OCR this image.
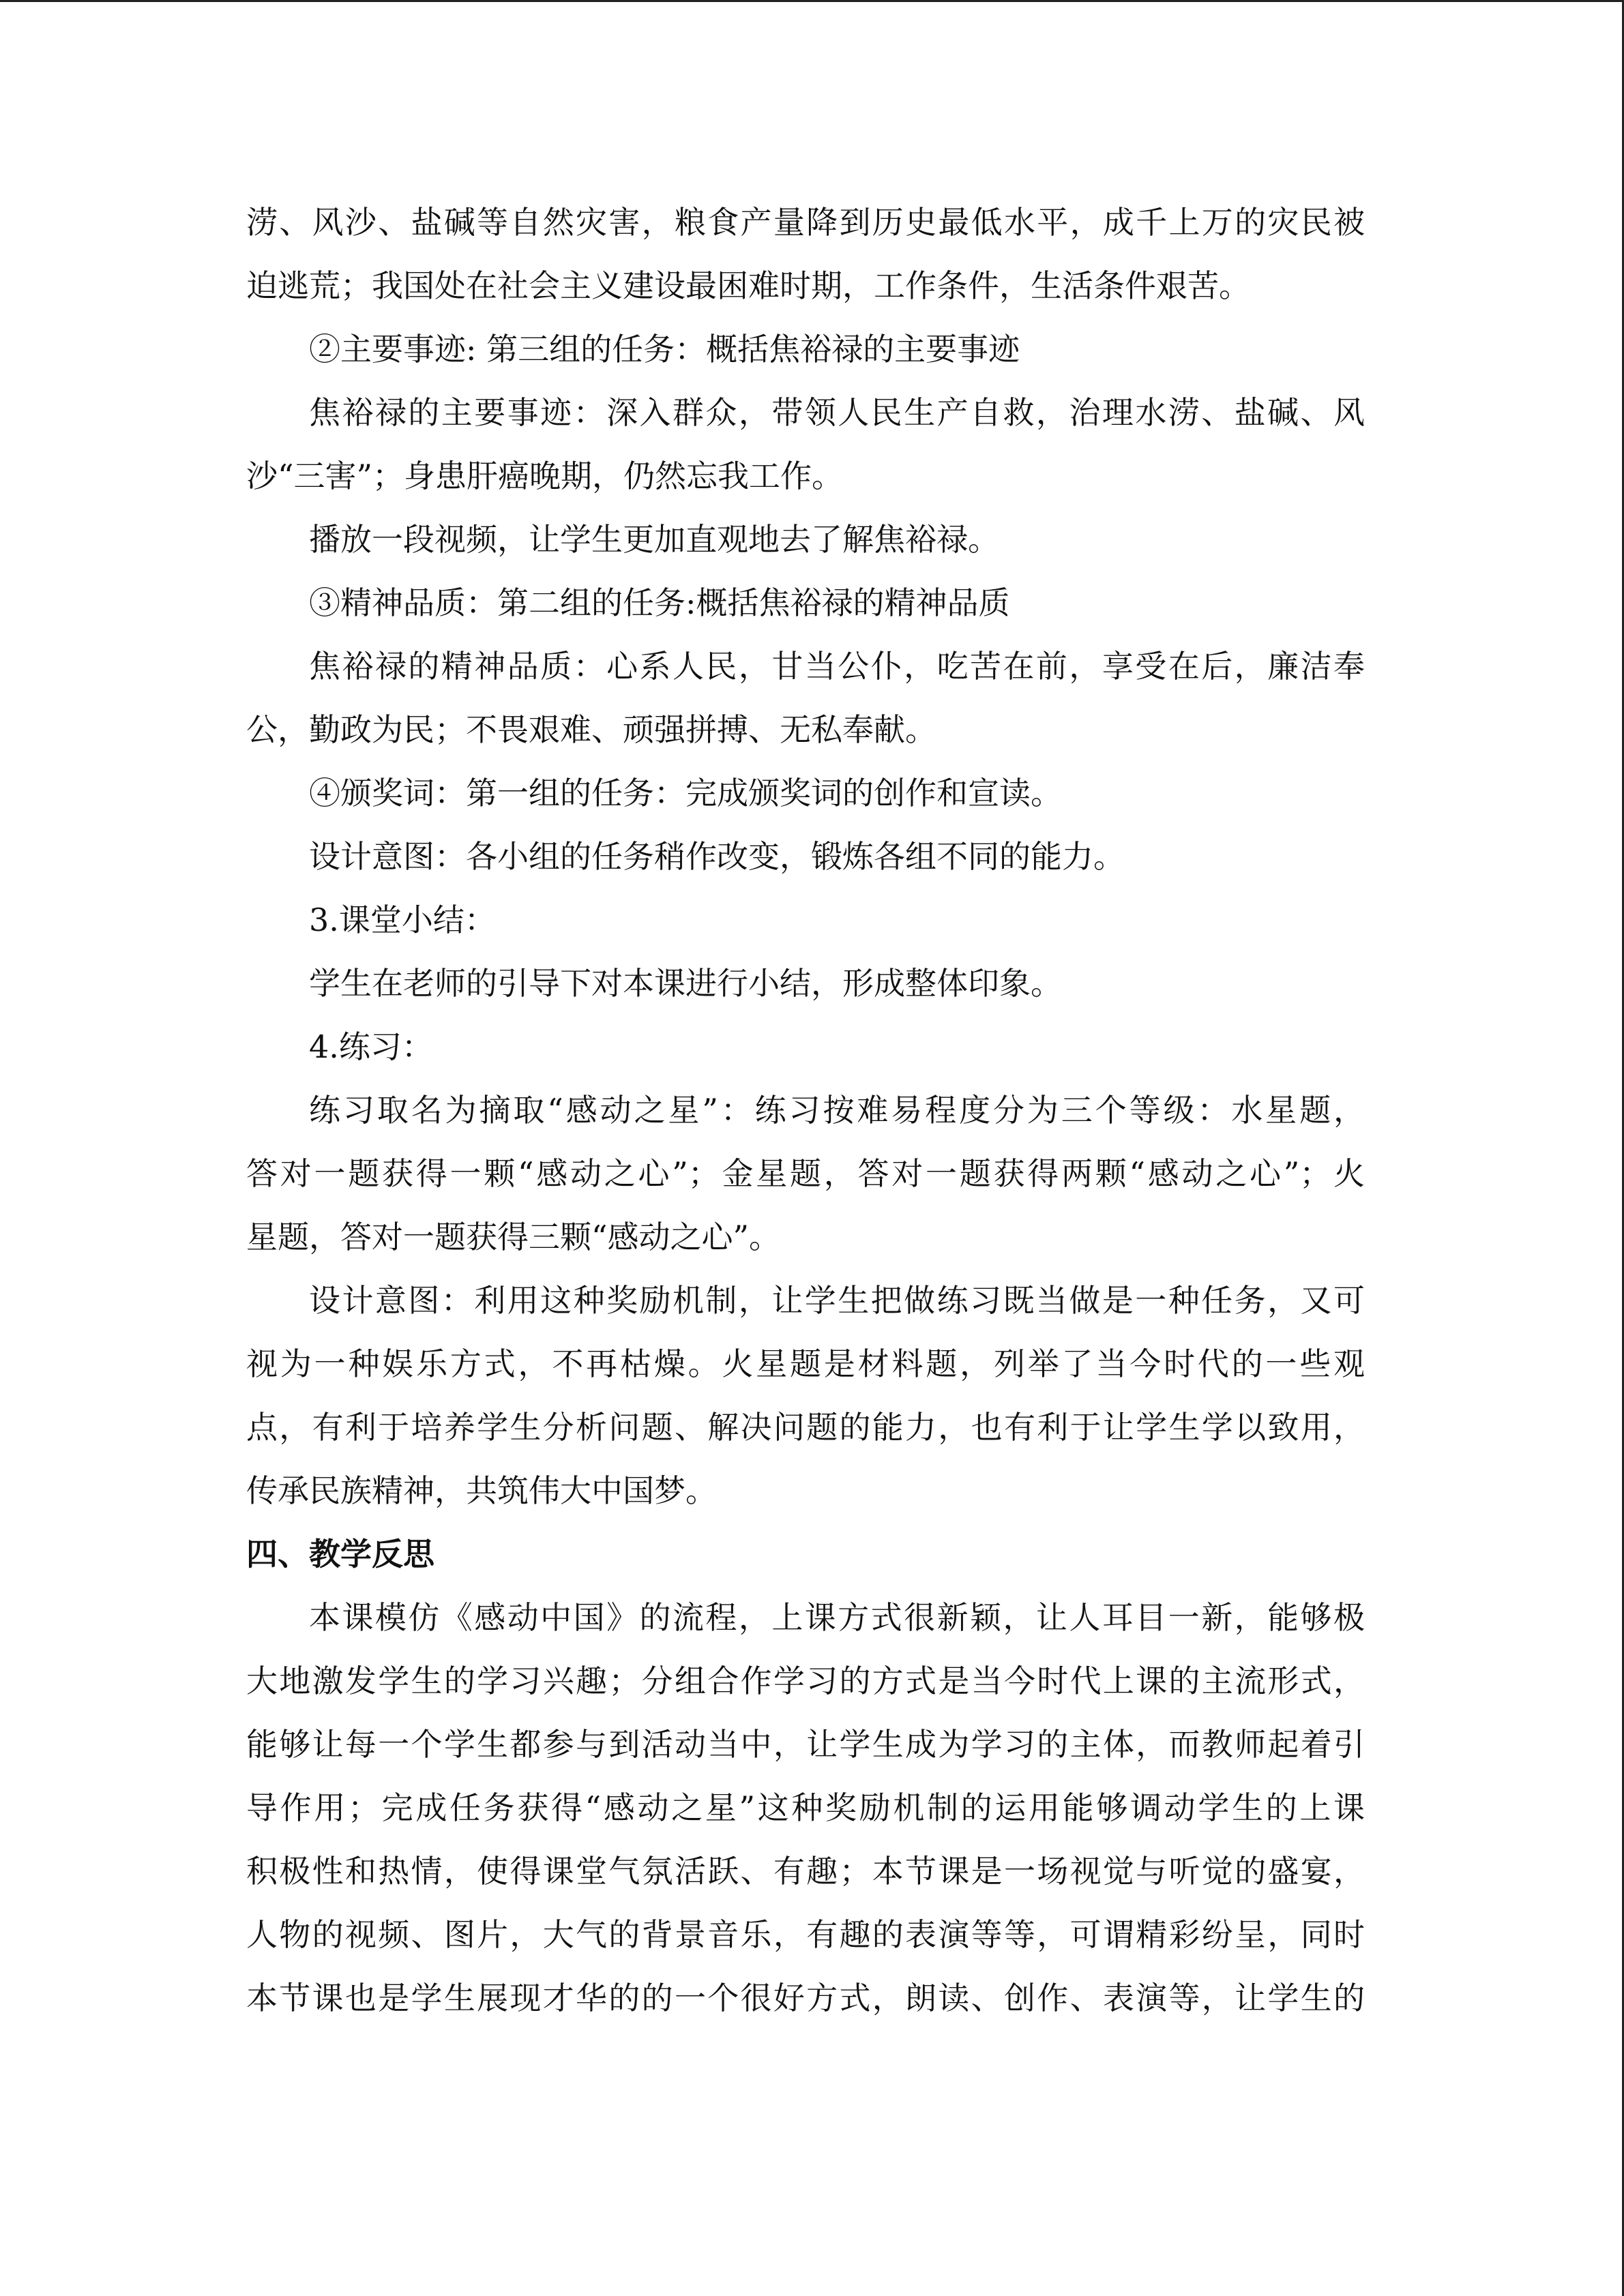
涝、风沙、盐碱等自然灾害，粮食产量降到历史最低水平，成千上万的灾民被
迫逃荒；我国处在社会主义建设最困难时期，工作条件，生活条件艰苦。
②主要事迹: 第三组的任务：概括焦裕禄的主要事迹
焦裕禄的主要事迹：深入群众，带领人民生产自救，治理水涝、盐碱、风
沙“三害”；身患肝癌晚期，仍然忘我工作。
播放一段视频，让学生更加直观地去了解焦裕禄。
③精神品质：第二组的任务:概括焦裕禄的精神品质
焦裕禄的精神品质：心系人民，甘当公仆，吃苦在前，享受在后，廉洁奉
公，勤政为民；不畏艰难、顽强拼搏、无私奉献。
④颁奖词：第一组的任务：完成颁奖词的创作和宣读。
设计意图：各小组的任务稍作改变，锻炼各组不同的能力。
3.课堂小结：
学生在老师的引导下对本课进行小结，形成整体印象。
4.练习：
练习取名为摘取“感动之星”：练习按难易程度分为三个等级：水星题，
答对一题获得一颗“感动之心”；金星题，答对一题获得两颗“感动之心”；火
星题，答对一题获得三颗“感动之心”。
设计意图：利用这种奖励机制，让学生把做练习既当做是一种任务，又可
视为一种娱乐方式，不再枯燥。火星题是材料题，列举了当今时代的一些观
点，有利于培养学生分析问题、解决问题的能力，也有利于让学生学以致用，
传承民族精神，共筑伟大中国梦。
四、教学反思
本课模仿《感动中国》的流程，上课方式很新颖，让人耳目一新，能够极
大地激发学生的学习兴趣；分组合作学习的方式是当今时代上课的主流形式，
能够让每一个学生都参与到活动当中，让学生成为学习的主体，而教师起着引
导作用；完成任务获得“感动之星”这种奖励机制的运用能够调动学生的上课
积极性和热情，使得课堂气氛活跃、有趣；本节课是一场视觉与听觉的盛宴，
人物的视频、图片，大气的背景音乐，有趣的表演等等，可谓精彩纷呈，同时
本节课也是学生展现才华的的一个很好方式，朗读、创作、表演等，让学生的
